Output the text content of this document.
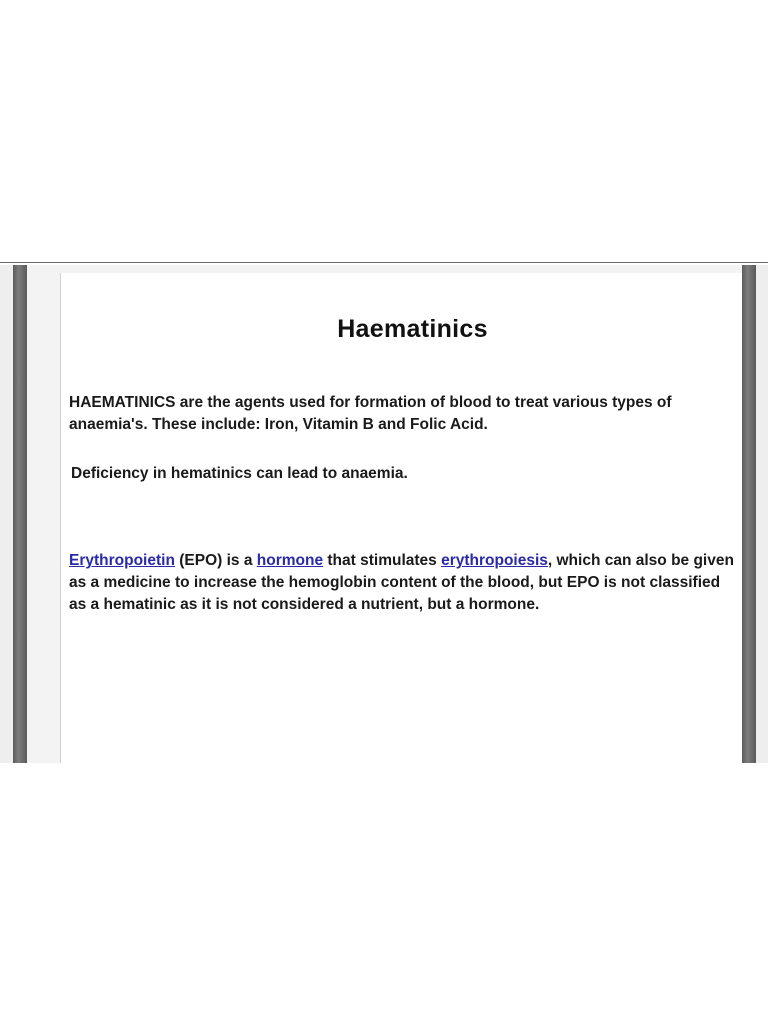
Haematinics
HAEMATINICS are the agents used for formation of blood to treat various types of anaemia's. These include: Iron, Vitamin B and Folic Acid.
Deficiency in hematinics can lead to anaemia.
Erythropoietin (EPO) is a hormone that stimulates erythropoiesis, which can also be given as a medicine to increase the hemoglobin content of the blood, but EPO is not classified as a hematinic as it is not considered a nutrient, but a hormone.
